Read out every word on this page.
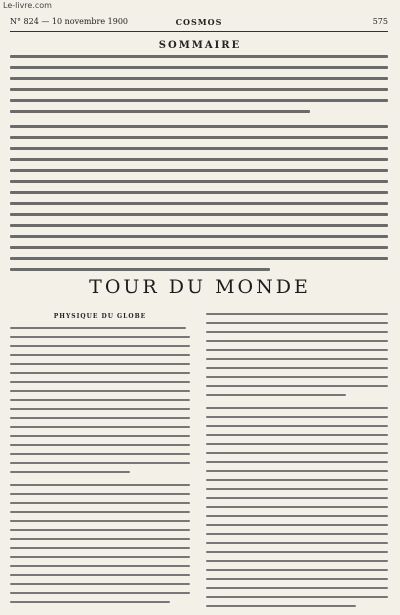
Le-livre.com
N° 824 — 10 novembre 1900	COSMOS	575
SOMMAIRE
TOUR DU MONDE
PHYSIQUE DU GLOBE
